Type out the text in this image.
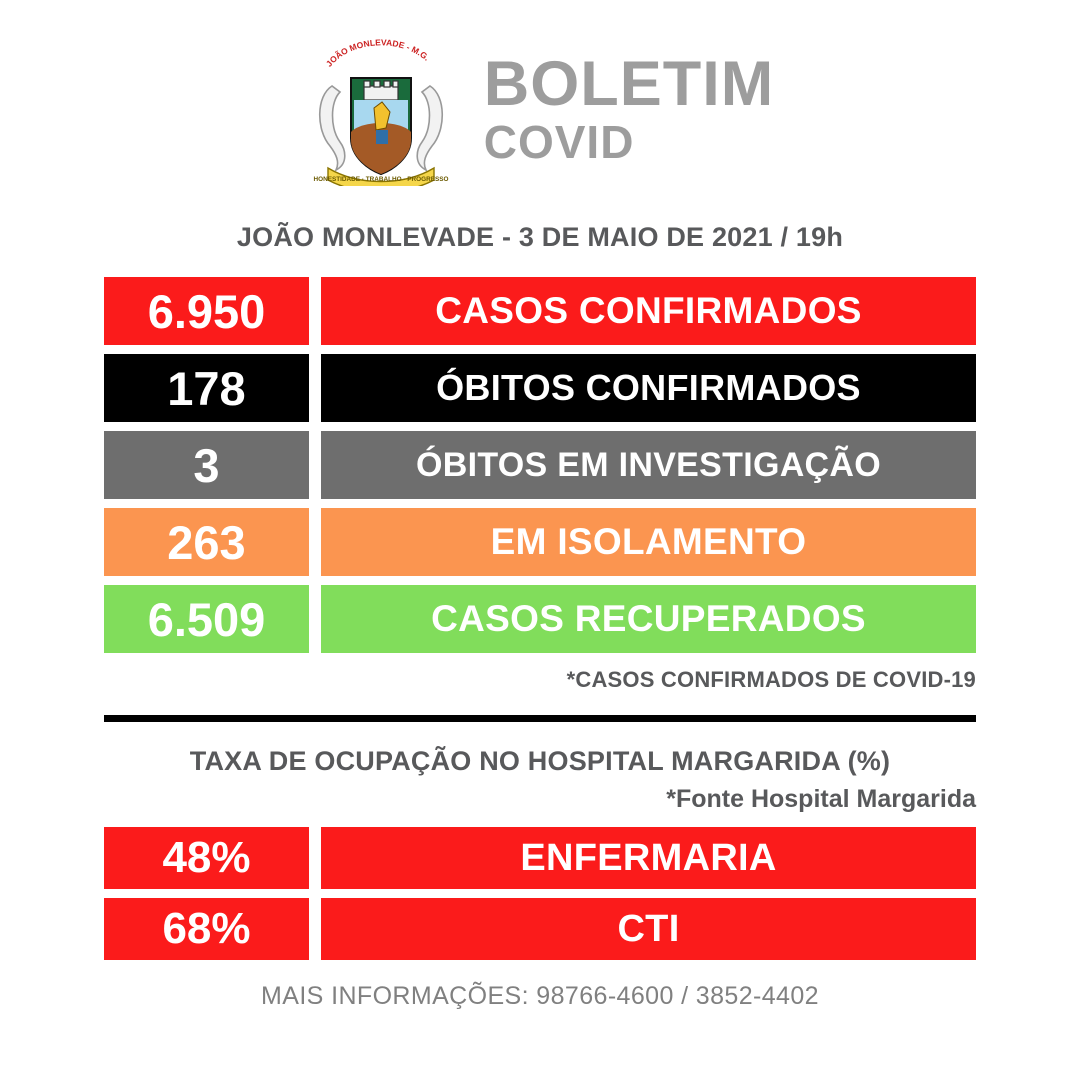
JOÃO MONLEVADE - M.G.
HONESTIDADE · TRABALHO · PROGRESSO
BOLETIM
COVID
JOÃO MONLEVADE - 3 DE MAIO DE 2021 / 19h
6.950	CASOS CONFIRMADOS
178	ÓBITOS CONFIRMADOS
3	ÓBITOS EM INVESTIGAÇÃO
263	EM ISOLAMENTO
6.509	CASOS RECUPERADOS
*CASOS CONFIRMADOS DE COVID-19
TAXA DE OCUPAÇÃO NO HOSPITAL MARGARIDA (%)
*Fonte Hospital Margarida
48%	ENFERMARIA
68%	CTI
MAIS INFORMAÇÕES: 98766-4600 / 3852-4402
